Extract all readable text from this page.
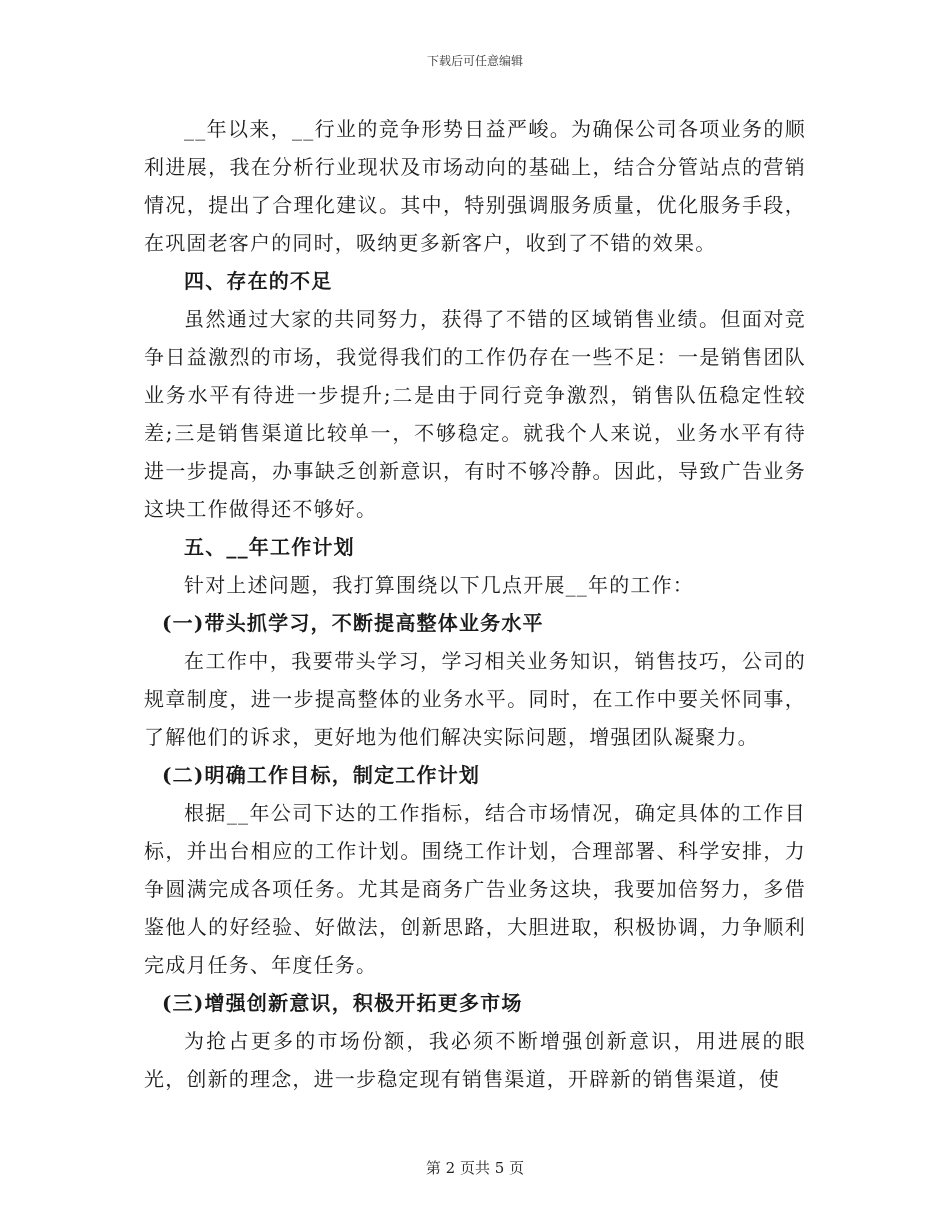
下载后可任意编辑

__年以来，__行业的竞争形势日益严峻。为确保公司各项业务的顺利进展，我在分析行业现状及市场动向的基础上，结合分管站点的营销情况，提出了合理化建议。其中，特别强调服务质量，优化服务手段，在巩固老客户的同时，吸纳更多新客户，收到了不错的效果。

四、存在的不足

虽然通过大家的共同努力，获得了不错的区域销售业绩。但面对竞争日益激烈的市场，我觉得我们的工作仍存在一些不足：一是销售团队业务水平有待进一步提升;二是由于同行竞争激烈，销售队伍稳定性较差;三是销售渠道比较单一，不够稳定。就我个人来说，业务水平有待进一步提高，办事缺乏创新意识，有时不够冷静。因此，导致广告业务这块工作做得还不够好。

五、__年工作计划

针对上述问题，我打算围绕以下几点开展__年的工作：

(一)带头抓学习，不断提高整体业务水平

在工作中，我要带头学习，学习相关业务知识，销售技巧，公司的规章制度，进一步提高整体的业务水平。同时，在工作中要关怀同事，了解他们的诉求，更好地为他们解决实际问题，增强团队凝聚力。

(二)明确工作目标，制定工作计划

根据__年公司下达的工作指标，结合市场情况，确定具体的工作目标，并出台相应的工作计划。围绕工作计划，合理部署、科学安排，力争圆满完成各项任务。尤其是商务广告业务这块，我要加倍努力，多借鉴他人的好经验、好做法，创新思路，大胆进取，积极协调，力争顺利完成月任务、年度任务。

(三)增强创新意识，积极开拓更多市场

为抢占更多的市场份额，我必须不断增强创新意识，用进展的眼光，创新的理念，进一步稳定现有销售渠道，开辟新的销售渠道，使

第 2 页共 5 页
